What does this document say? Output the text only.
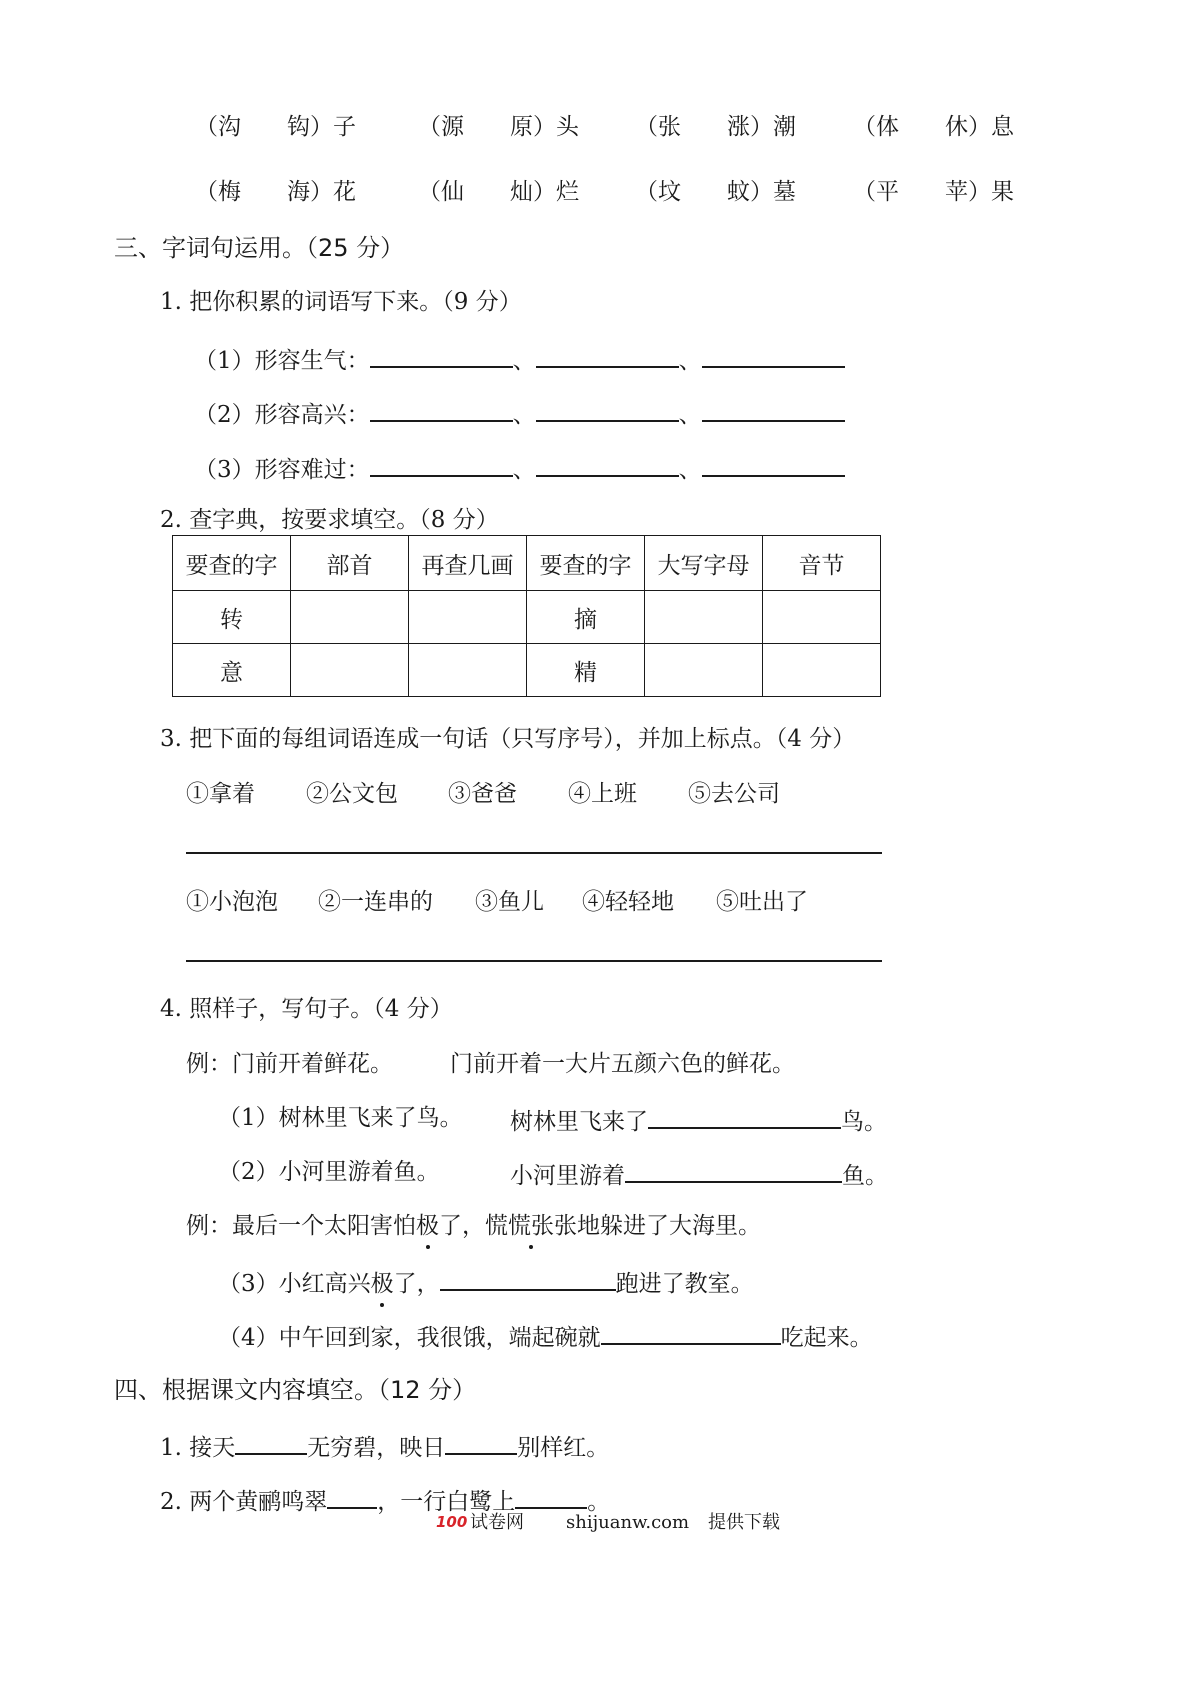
（沟　　钩）子	（源　　原）头 （张　　涨）潮 （体　　休）息
（梅　　海）花	（仙　　灿）烂 （坟　　蚊）墓 （平　　苹）果
三、字词句运用。（25 分）
1. 把你积累的词语写下来。（9 分）
（1）形容生气：	、	、
（2）形容高兴：	、	、
（3）形容难过：	、	、
2. 查字典，按要求填空。（8 分）
要查的字	部首	再查几画	要查的字	大写字母	音节
转			摘		
意			精		
3. 把下面的每组词语连成一句话（只写序号），并加上标点。（4 分）
①拿着 ②公文包 ③爸爸 ④上班 ⑤去公司
①小泡泡 ②一连串的 ③鱼儿 ④轻轻地 ⑤吐出了
4. 照样子，写句子。（4 分）
例：门前开着鲜花。 门前开着一大片五颜六色的鲜花。
（1）树林里飞来了鸟。 树林里飞来了	鸟。
（2）小河里游着鱼。	小河里游着	鱼。
例：最后一个太阳害怕极了，慌慌张张地躲进了大海里。
（3）小红高兴极了，	跑进了教室。
（4）中午回到家，我很饿，端起碗就	吃起来。
四、根据课文内容填空。（12 分）
1. 接天	无穷碧，映日	别样红。
2. 两个黄鹂鸣翠 ，一行白鹭上	。
100 试卷网 shijuanw.com 提供下载
